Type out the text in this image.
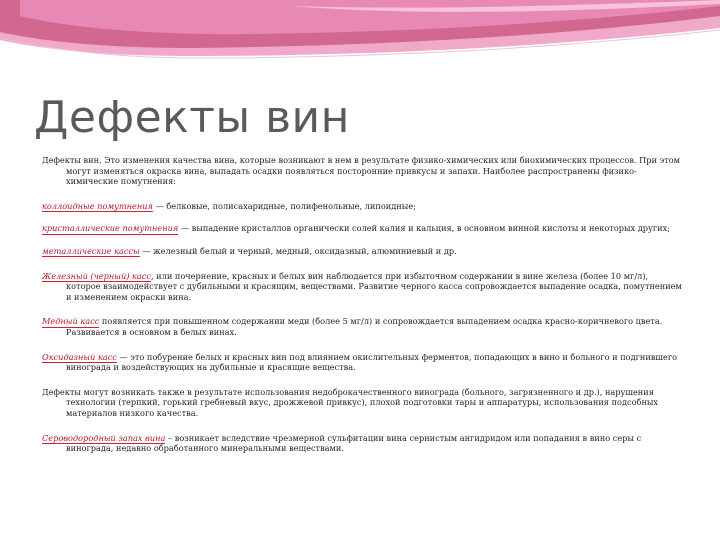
Дефекты вин

Дефекты вин. Это изменения качества вина, которые возникают в нем в результате физико-химических или биохимических процессов. При этом могут изменяться окраска вина, выпадать осадки появляться посторонние привкусы и запахи. Наиболее распространены физико-химические помутнения:

коллоидные помутнения — белковые, полисахаридные, полифенольные, липоидные;

кристаллические помутнения — выпадение кристаллов органически солей калия и кальция, в основном винной кислоты и некоторых других;

металлические кассы — железный белый и черный, медный, оксидазный, алюминиевый и др.

Железный (черный) касс, или почернение, красных и белых вин наблюдается при избыточном содержании в вине железа (более 10 мг/л), которое взаимодействует с дубильными и красящим, веществами. Развитие черного касса сопровождается выпадение осадка, помутнением и изменением окраски вина.

Медный касс появляется при повышенном содержании меди (более 5 мг/л) и сопровождается выпадением осадка красно-коричневого цвета. Развивается в основном в белых винах.

Оксидазный касс — это побурение белых и красных вин под влиянием окислительных ферментов, попадающих в вино и больного и подгнившего винограда и воздействующих на дубильные и красящие вещества.

Дефекты могут возникать также в результате использования недоброкачественного винограда (больного, загрязненного и др.), нарушения технологии (терпкий, горький гребневый вкус, дрожжевой привкус), плохой подготовки тары и аппаратуры, использования подсобных материалов низкого качества.

Сероводородный запах вина – возникает вследствие чрезмерной сульфитации вина сернистым ангидридом или попадания в вино серы с винограда, недавно обработанного минеральными веществами.
